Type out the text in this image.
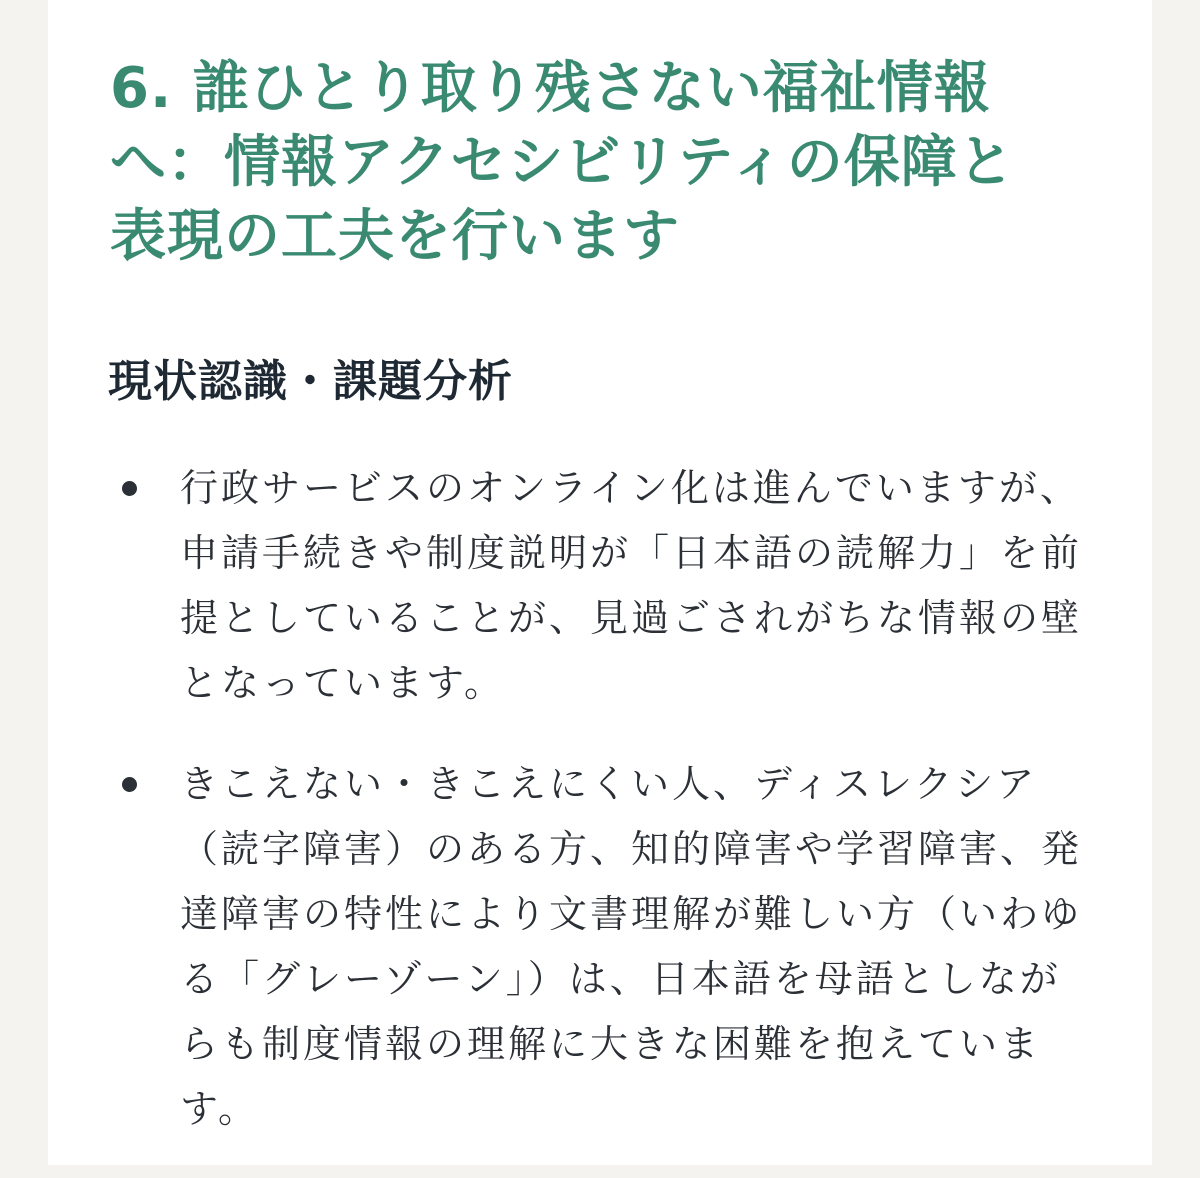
6. 誰ひとり取り残さない福祉情報へ：情報アクセシビリティの保障と表現の工夫を行います
現状認識・課題分析
行政サービスのオンライン化は進んでいますが、申請手続きや制度説明が「日本語の読解力」を前提としていることが、見過ごされがちな情報の壁となっています。
きこえない・きこえにくい人、ディスレクシア（読字障害）のある方、知的障害や学習障害、発達障害の特性により文書理解が難しい方（いわゆる「グレーゾーン」）は、日本語を母語としながらも制度情報の理解に大きな困難を抱えています。
